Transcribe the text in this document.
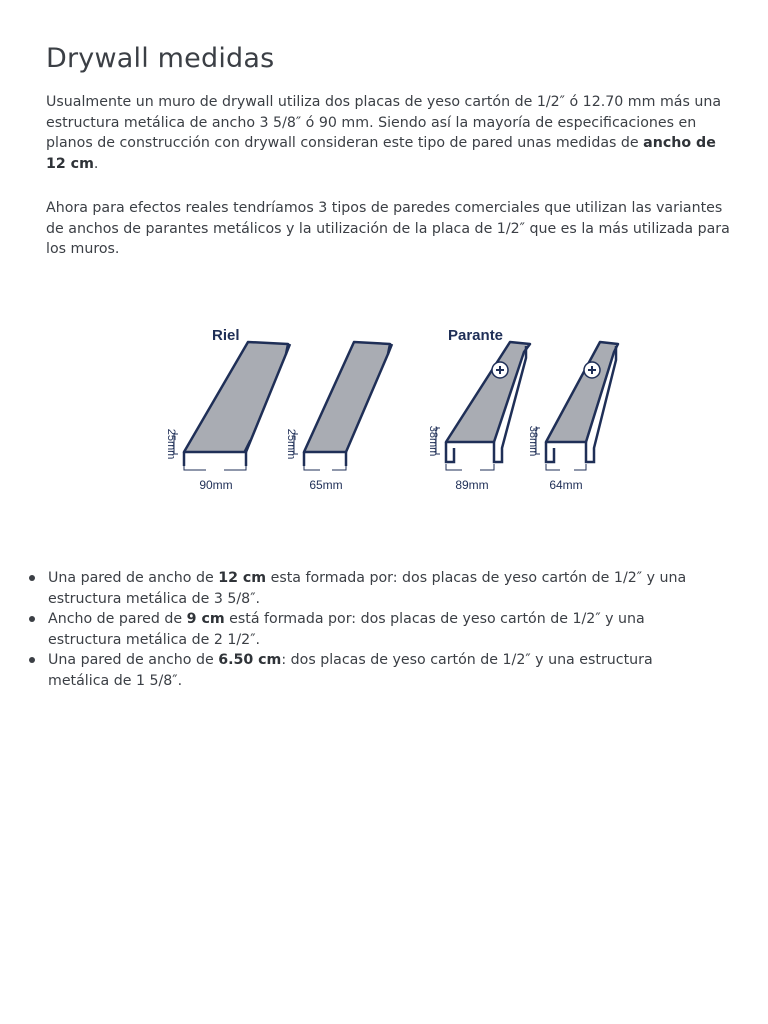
Drywall medidas

Usualmente un muro de drywall utiliza dos placas de yeso cartón de 1/2″ ó 12.70 mm más una estructura metálica de ancho 3 5/8″ ó 90 mm. Siendo así la mayoría de especificaciones en planos de construcción con drywall consideran este tipo de pared unas medidas de ancho de 12 cm.

Ahora para efectos reales tendríamos 3 tipos de paredes comerciales que utilizan las variantes de anchos de parantes metálicos y la utilización de la placa de 1/2″ que es la más utilizada para los muros.

Riel	Parante
25mm	25mm	38mm	38mm
90mm	65mm	89mm	64mm
Una pared de ancho de 12 cm esta formada por: dos placas de yeso cartón de 1/2″ y una estructura metálica de 3 5/8″.
Ancho de pared de 9 cm está formada por: dos placas de yeso cartón de 1/2″ y una estructura metálica de 2 1/2″.
Una pared de ancho de 6.50 cm: dos placas de yeso cartón de 1/2″ y una estructura metálica de 1 5/8″.
